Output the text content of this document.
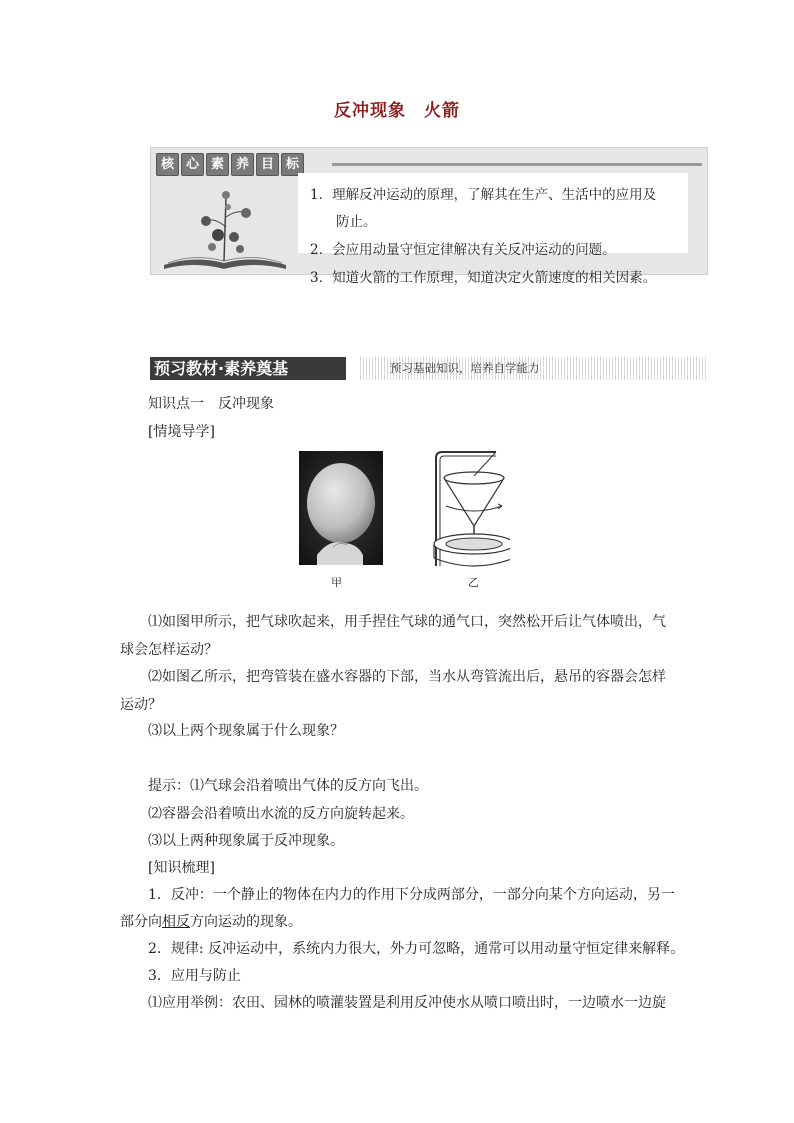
反冲现象　火箭
核 心 素 养 目 标
1．理解反冲运动的原理，了解其在生产、生活中的应用及
防止。
2．会应用动量守恒定律解决有关反冲运动的问题。
3．知道火箭的工作原理，知道决定火箭速度的相关因素。
预习教材·素养奠基	预习基础知识，培养自学能力
知识点一　反冲现象
[情境导学]
甲	乙
⑴如图甲所示，把气球吹起来，用手捏住气球的通气口，突然松开后让气体喷出，气
球会怎样运动？
⑵如图乙所示，把弯管装在盛水容器的下部，当水从弯管流出后，悬吊的容器会怎样
运动？
⑶以上两个现象属于什么现象？
提示：⑴气球会沿着喷出气体的反方向飞出。
⑵容器会沿着喷出水流的反方向旋转起来。
⑶以上两种现象属于反冲现象。
[知识梳理]
1．反冲：一个静止的物体在内力的作用下分成两部分，一部分向某个方向运动，另一
部分向相反方向运动的现象。
2．规律: 反冲运动中，系统内力很大，外力可忽略，通常可以用动量守恒定律来解释。
3．应用与防止
⑴应用举例：农田、园林的喷灌装置是利用反冲使水从喷口喷出时，一边喷水一边旋
